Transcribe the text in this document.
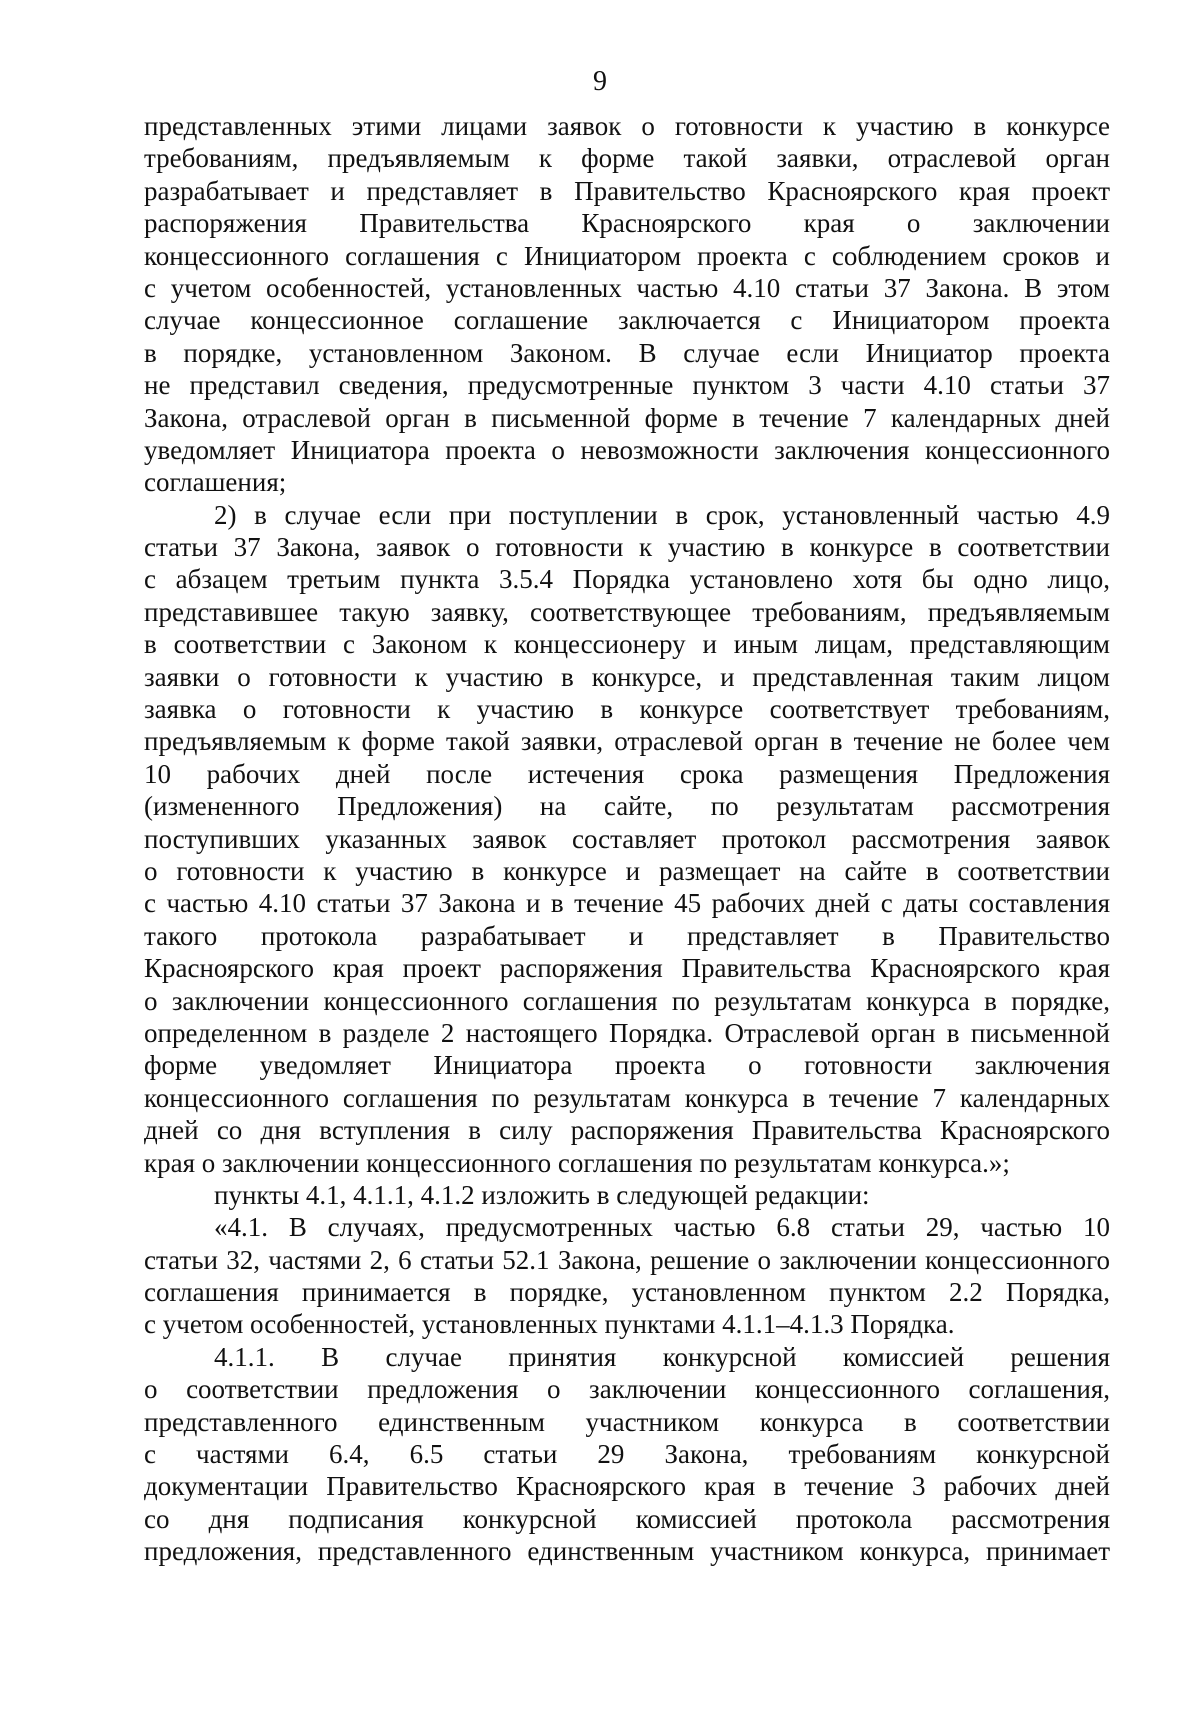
9
представленных этими лицами заявок о готовности к участию в конкурсе
требованиям, предъявляемым к форме такой заявки, отраслевой орган
разрабатывает и представляет в Правительство Красноярского края проект
распоряжения Правительства Красноярского края о заключении
концессионного соглашения с Инициатором проекта с соблюдением сроков и
с учетом особенностей, установленных частью 4.10 статьи 37 Закона. В этом
случае концессионное соглашение заключается с Инициатором проекта
в порядке, установленном Законом. В случае если Инициатор проекта
не представил сведения, предусмотренные пунктом 3 части 4.10 статьи 37
Закона, отраслевой орган в письменной форме в течение 7 календарных дней
уведомляет Инициатора проекта о невозможности заключения концессионного
соглашения;
2) в случае если при поступлении в срок, установленный частью 4.9
статьи 37 Закона, заявок о готовности к участию в конкурсе в соответствии
с абзацем третьим пункта 3.5.4 Порядка установлено хотя бы одно лицо,
представившее такую заявку, соответствующее требованиям, предъявляемым
в соответствии с Законом к концессионеру и иным лицам, представляющим
заявки о готовности к участию в конкурсе, и представленная таким лицом
заявка о готовности к участию в конкурсе соответствует требованиям,
предъявляемым к форме такой заявки, отраслевой орган в течение не более чем
10 рабочих дней после истечения срока размещения Предложения
(измененного Предложения) на сайте, по результатам рассмотрения
поступивших указанных заявок составляет протокол рассмотрения заявок
о готовности к участию в конкурсе и размещает на сайте в соответствии
с частью 4.10 статьи 37 Закона и в течение 45 рабочих дней с даты составления
такого протокола разрабатывает и представляет в Правительство
Красноярского края проект распоряжения Правительства Красноярского края
о заключении концессионного соглашения по результатам конкурса в порядке,
определенном в разделе 2 настоящего Порядка. Отраслевой орган в письменной
форме уведомляет Инициатора проекта о готовности заключения
концессионного соглашения по результатам конкурса в течение 7 календарных
дней со дня вступления в силу распоряжения Правительства Красноярского
края о заключении концессионного соглашения по результатам конкурса.»;
пункты 4.1, 4.1.1, 4.1.2 изложить в следующей редакции:
«4.1. В случаях, предусмотренных частью 6.8 статьи 29, частью 10
статьи 32, частями 2, 6 статьи 52.1 Закона, решение о заключении концессионного
соглашения принимается в порядке, установленном пунктом 2.2 Порядка,
с учетом особенностей, установленных пунктами 4.1.1–4.1.3 Порядка.
4.1.1. В случае принятия конкурсной комиссией решения
о соответствии предложения о заключении концессионного соглашения,
представленного единственным участником конкурса в соответствии
с частями 6.4, 6.5 статьи 29 Закона, требованиям конкурсной
документации Правительство Красноярского края в течение 3 рабочих дней
со дня подписания конкурсной комиссией протокола рассмотрения
предложения, представленного единственным участником конкурса, принимает
